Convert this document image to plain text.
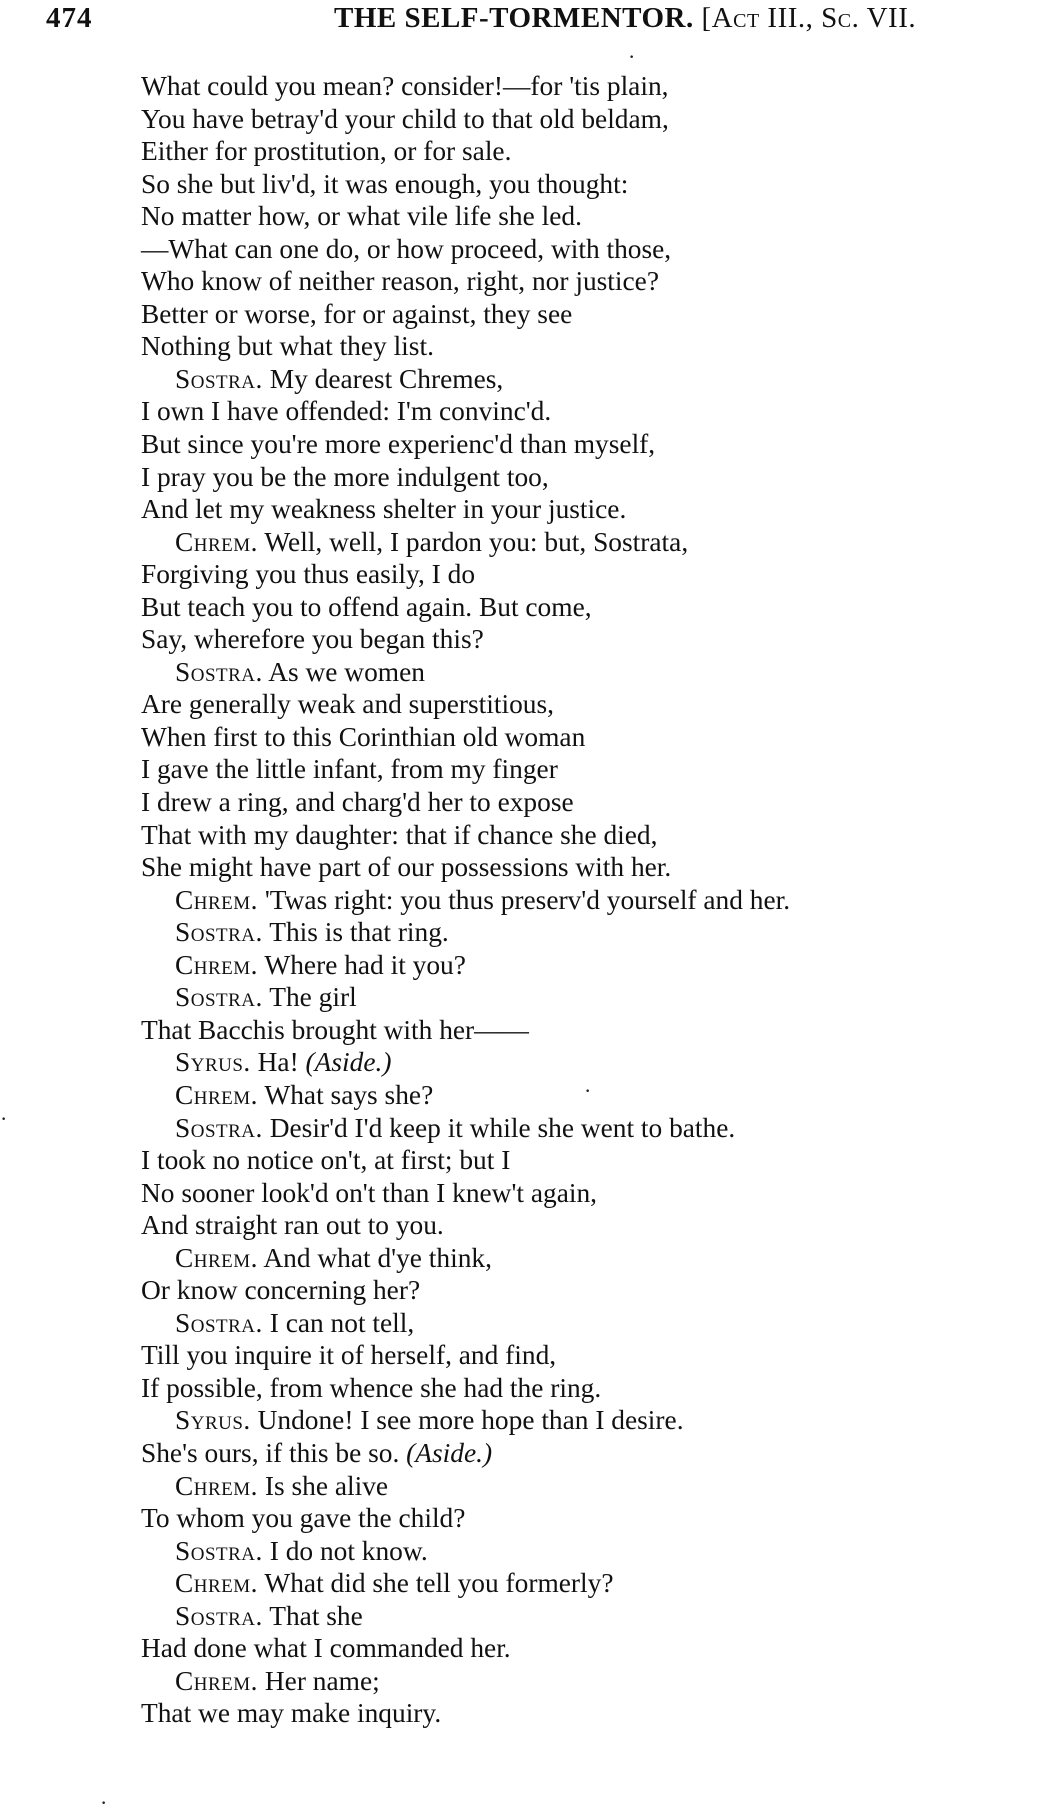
474	THE SELF-TORMENTOR. [Act III., Sc. VII.
What could you mean? consider!—for 'tis plain,
You have betray'd your child to that old beldam,
Either for prostitution, or for sale.
So she but liv'd, it was enough, you thought:
No matter how, or what vile life she led.
—What can one do, or how proceed, with those,
Who know of neither reason, right, nor justice?
Better or worse, for or against, they see
Nothing but what they list.
Sostra. My dearest Chremes,
I own I have offended: I'm convinc'd.
But since you're more experienc'd than myself,
I pray you be the more indulgent too,
And let my weakness shelter in your justice.
Chrem. Well, well, I pardon you: but, Sostrata,
Forgiving you thus easily, I do
But teach you to offend again. But come,
Say, wherefore you began this?
Sostra. As we women
Are generally weak and superstitious,
When first to this Corinthian old woman
I gave the little infant, from my finger
I drew a ring, and charg'd her to expose
That with my daughter: that if chance she died,
She might have part of our possessions with her.
Chrem. 'Twas right: you thus preserv'd yourself and her.
Sostra. This is that ring.
Chrem. Where had it you?
Sostra. The girl
That Bacchis brought with her——
Syrus. Ha! (Aside.)
Chrem. What says she?
Sostra. Desir'd I'd keep it while she went to bathe.
I took no notice on't, at first; but I
No sooner look'd on't than I knew't again,
And straight ran out to you.
Chrem. And what d'ye think,
Or know concerning her?
Sostra. I can not tell,
Till you inquire it of herself, and find,
If possible, from whence she had the ring.
Syrus. Undone! I see more hope than I desire.
She's ours, if this be so. (Aside.)
Chrem. Is she alive
To whom you gave the child?
Sostra. I do not know.
Chrem. What did she tell you formerly?
Sostra. That she
Had done what I commanded her.
Chrem. Her name;
That we may make inquiry.
·
·
·
·
